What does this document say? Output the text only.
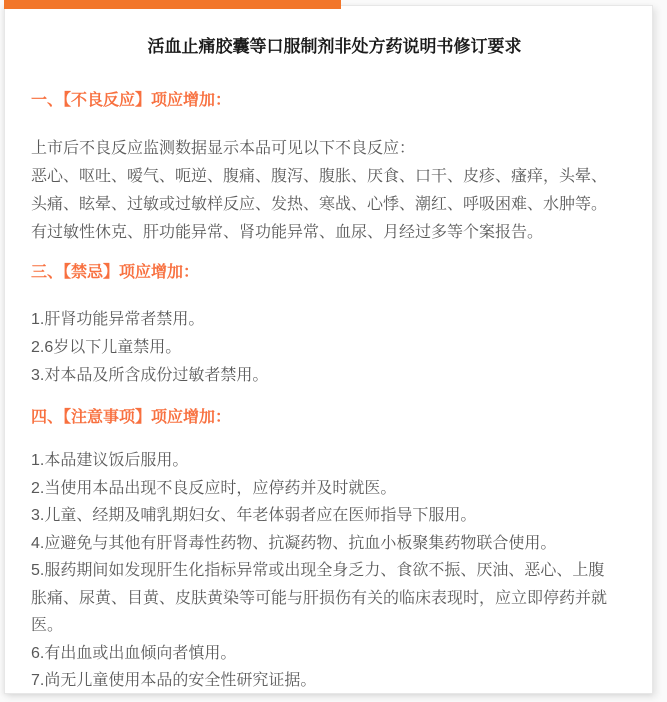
活血止痛胶囊等口服制剂非处方药说明书修订要求
一、【不良反应】项应增加：
上市后不良反应监测数据显示本品可见以下不良反应：
恶心、呕吐、嗳气、呃逆、腹痛、腹泻、腹胀、厌食、口干、皮疹、瘙痒，头晕、
头痛、眩晕、过敏或过敏样反应、发热、寒战、心悸、潮红、呼吸困难、水肿等。
有过敏性休克、肝功能异常、肾功能异常、血尿、月经过多等个案报告。
三、【禁忌】项应增加：
1.肝肾功能异常者禁用。
2.6岁以下儿童禁用。
3.对本品及所含成份过敏者禁用。
四、【注意事项】项应增加：
1.本品建议饭后服用。
2.当使用本品出现不良反应时，应停药并及时就医。
3.儿童、经期及哺乳期妇女、年老体弱者应在医师指导下服用。
4.应避免与其他有肝肾毒性药物、抗凝药物、抗血小板聚集药物联合使用。
5.服药期间如发现肝生化指标异常或出现全身乏力、食欲不振、厌油、恶心、上腹
胀痛、尿黄、目黄、皮肤黄染等可能与肝损伤有关的临床表现时，应立即停药并就
医。
6.有出血或出血倾向者慎用。
7.尚无儿童使用本品的安全性研究证据。
